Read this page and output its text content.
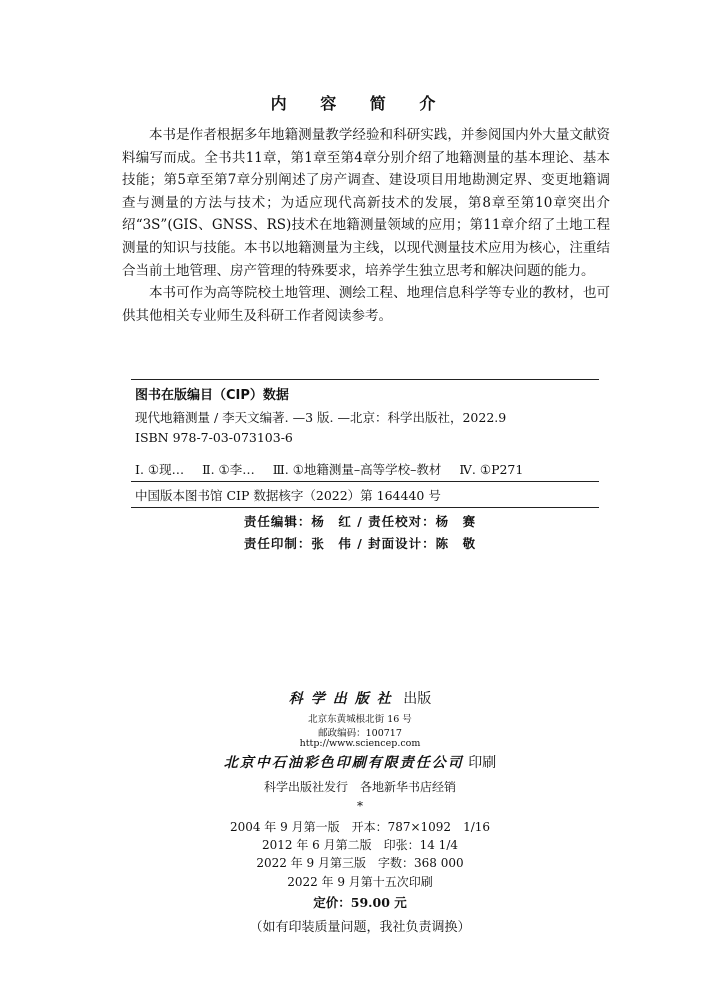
内 容 简 介

本书是作者根据多年地籍测量教学经验和科研实践，并参阅国内外大量文献资料编写而成。全书共11章，第1章至第4章分别介绍了地籍测量的基本理论、基本技能；第5章至第7章分别阐述了房产调查、建设项目用地勘测定界、变更地籍调查与测量的方法与技术；为适应现代高新技术的发展，第8章至第10章突出介绍“3S”(GIS、GNSS、RS)技术在地籍测量领域的应用；第11章介绍了土地工程测量的知识与技能。本书以地籍测量为主线，以现代测量技术应用为核心，注重结合当前土地管理、房产管理的特殊要求，培养学生独立思考和解决问题的能力。

本书可作为高等院校土地管理、测绘工程、地理信息科学等专业的教材，也可供其他相关专业师生及科研工作者阅读参考。

图书在版编目（CIP）数据
现代地籍测量 / 李天文编著. —3 版. —北京：科学出版社，2022.9
ISBN 978-7-03-073103-6
Ⅰ. ①现… Ⅱ. ①李… Ⅲ. ①地籍测量–高等学校–教材 Ⅳ. ①P271
中国版本图书馆 CIP 数据核字（2022）第 164440 号
责任编辑：杨　红 / 责任校对：杨　赛
责任印制：张　伟 / 封面设计：陈　敬
科学出版社 出版
北京东黄城根北街 16 号
邮政编码：100717
http://www.sciencep.com
北京中石油彩色印刷有限责任公司 印刷
科学出版社发行　各地新华书店经销
*
2004 年 9 月第一版　开本：787×1092　1/16
2012 年 6 月第二版　印张：14 1/4
2022 年 9 月第三版　字数：368 000
2022 年 9 月第十五次印刷
定价：59.00 元
（如有印装质量问题，我社负责调换）
